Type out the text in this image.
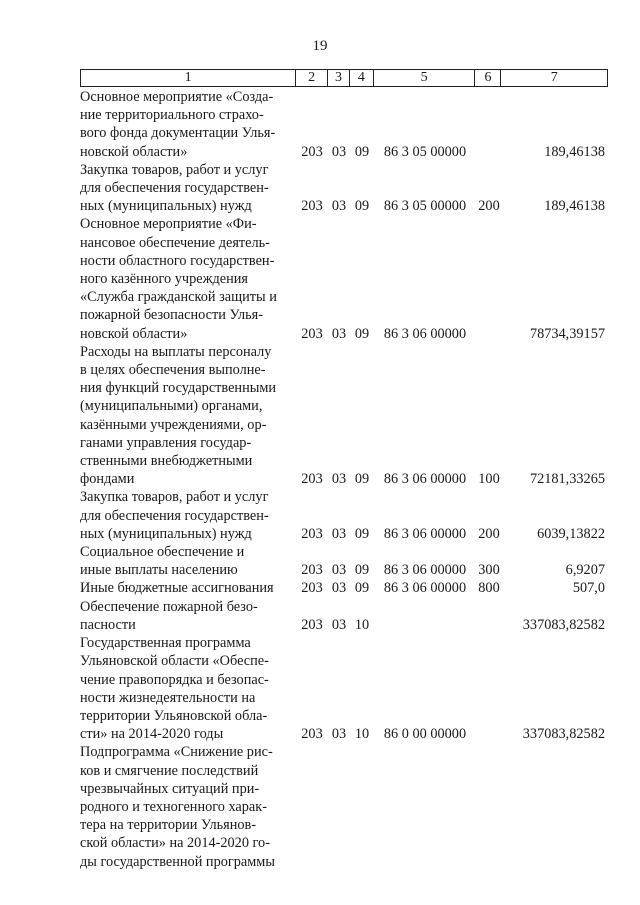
19
1	2	3	4	5	6	7
Основное мероприятие «Созда-
ние территориального страхо-
вого фонда документации Улья-
новской области»	203 03 09	86 3 05 00000	189,46138
Закупка товаров, работ и услуг
для обеспечения государствен-
ных (муниципальных) нужд	203 03 09	86 3 05 00000 200	189,46138
Основное мероприятие «Фи-
нансовое обеспечение деятель-
ности областного государствен-
ного казённого учреждения
«Служба гражданской защиты и
пожарной безопасности Улья-
новской области»	203 03 09	86 3 06 00000	78734,39157
Расходы на выплаты персоналу
в целях обеспечения выполне-
ния функций государственными
(муниципальными) органами,
казёнными учреждениями, ор-
ганами управления государ-
ственными внебюджетными
фондами	203 03 09	86 3 06 00000 100	72181,33265
Закупка товаров, работ и услуг
для обеспечения государствен-
ных (муниципальных) нужд	203 03 09	86 3 06 00000 200	6039,13822
Социальное обеспечение и
иные выплаты населению	203 03 09	86 3 06 00000 300	6,9207
Иные бюджетные ассигнования	203 03 09	86 3 06 00000 800	507,0
Обеспечение пожарной безо-
пасности	203 03 10	337083,82582
Государственная программа
Ульяновской области «Обеспе-
чение правопорядка и безопас-
ности жизнедеятельности на
территории Ульяновской обла-
сти» на 2014-2020 годы	203 03 10	86 0 00 00000	337083,82582
Подпрограмма «Снижение рис-
ков и смягчение последствий
чрезвычайных ситуаций при-
родного и техногенного харак-
тера на территории Ульянов-
ской области» на 2014-2020 го-
ды государственной программы
